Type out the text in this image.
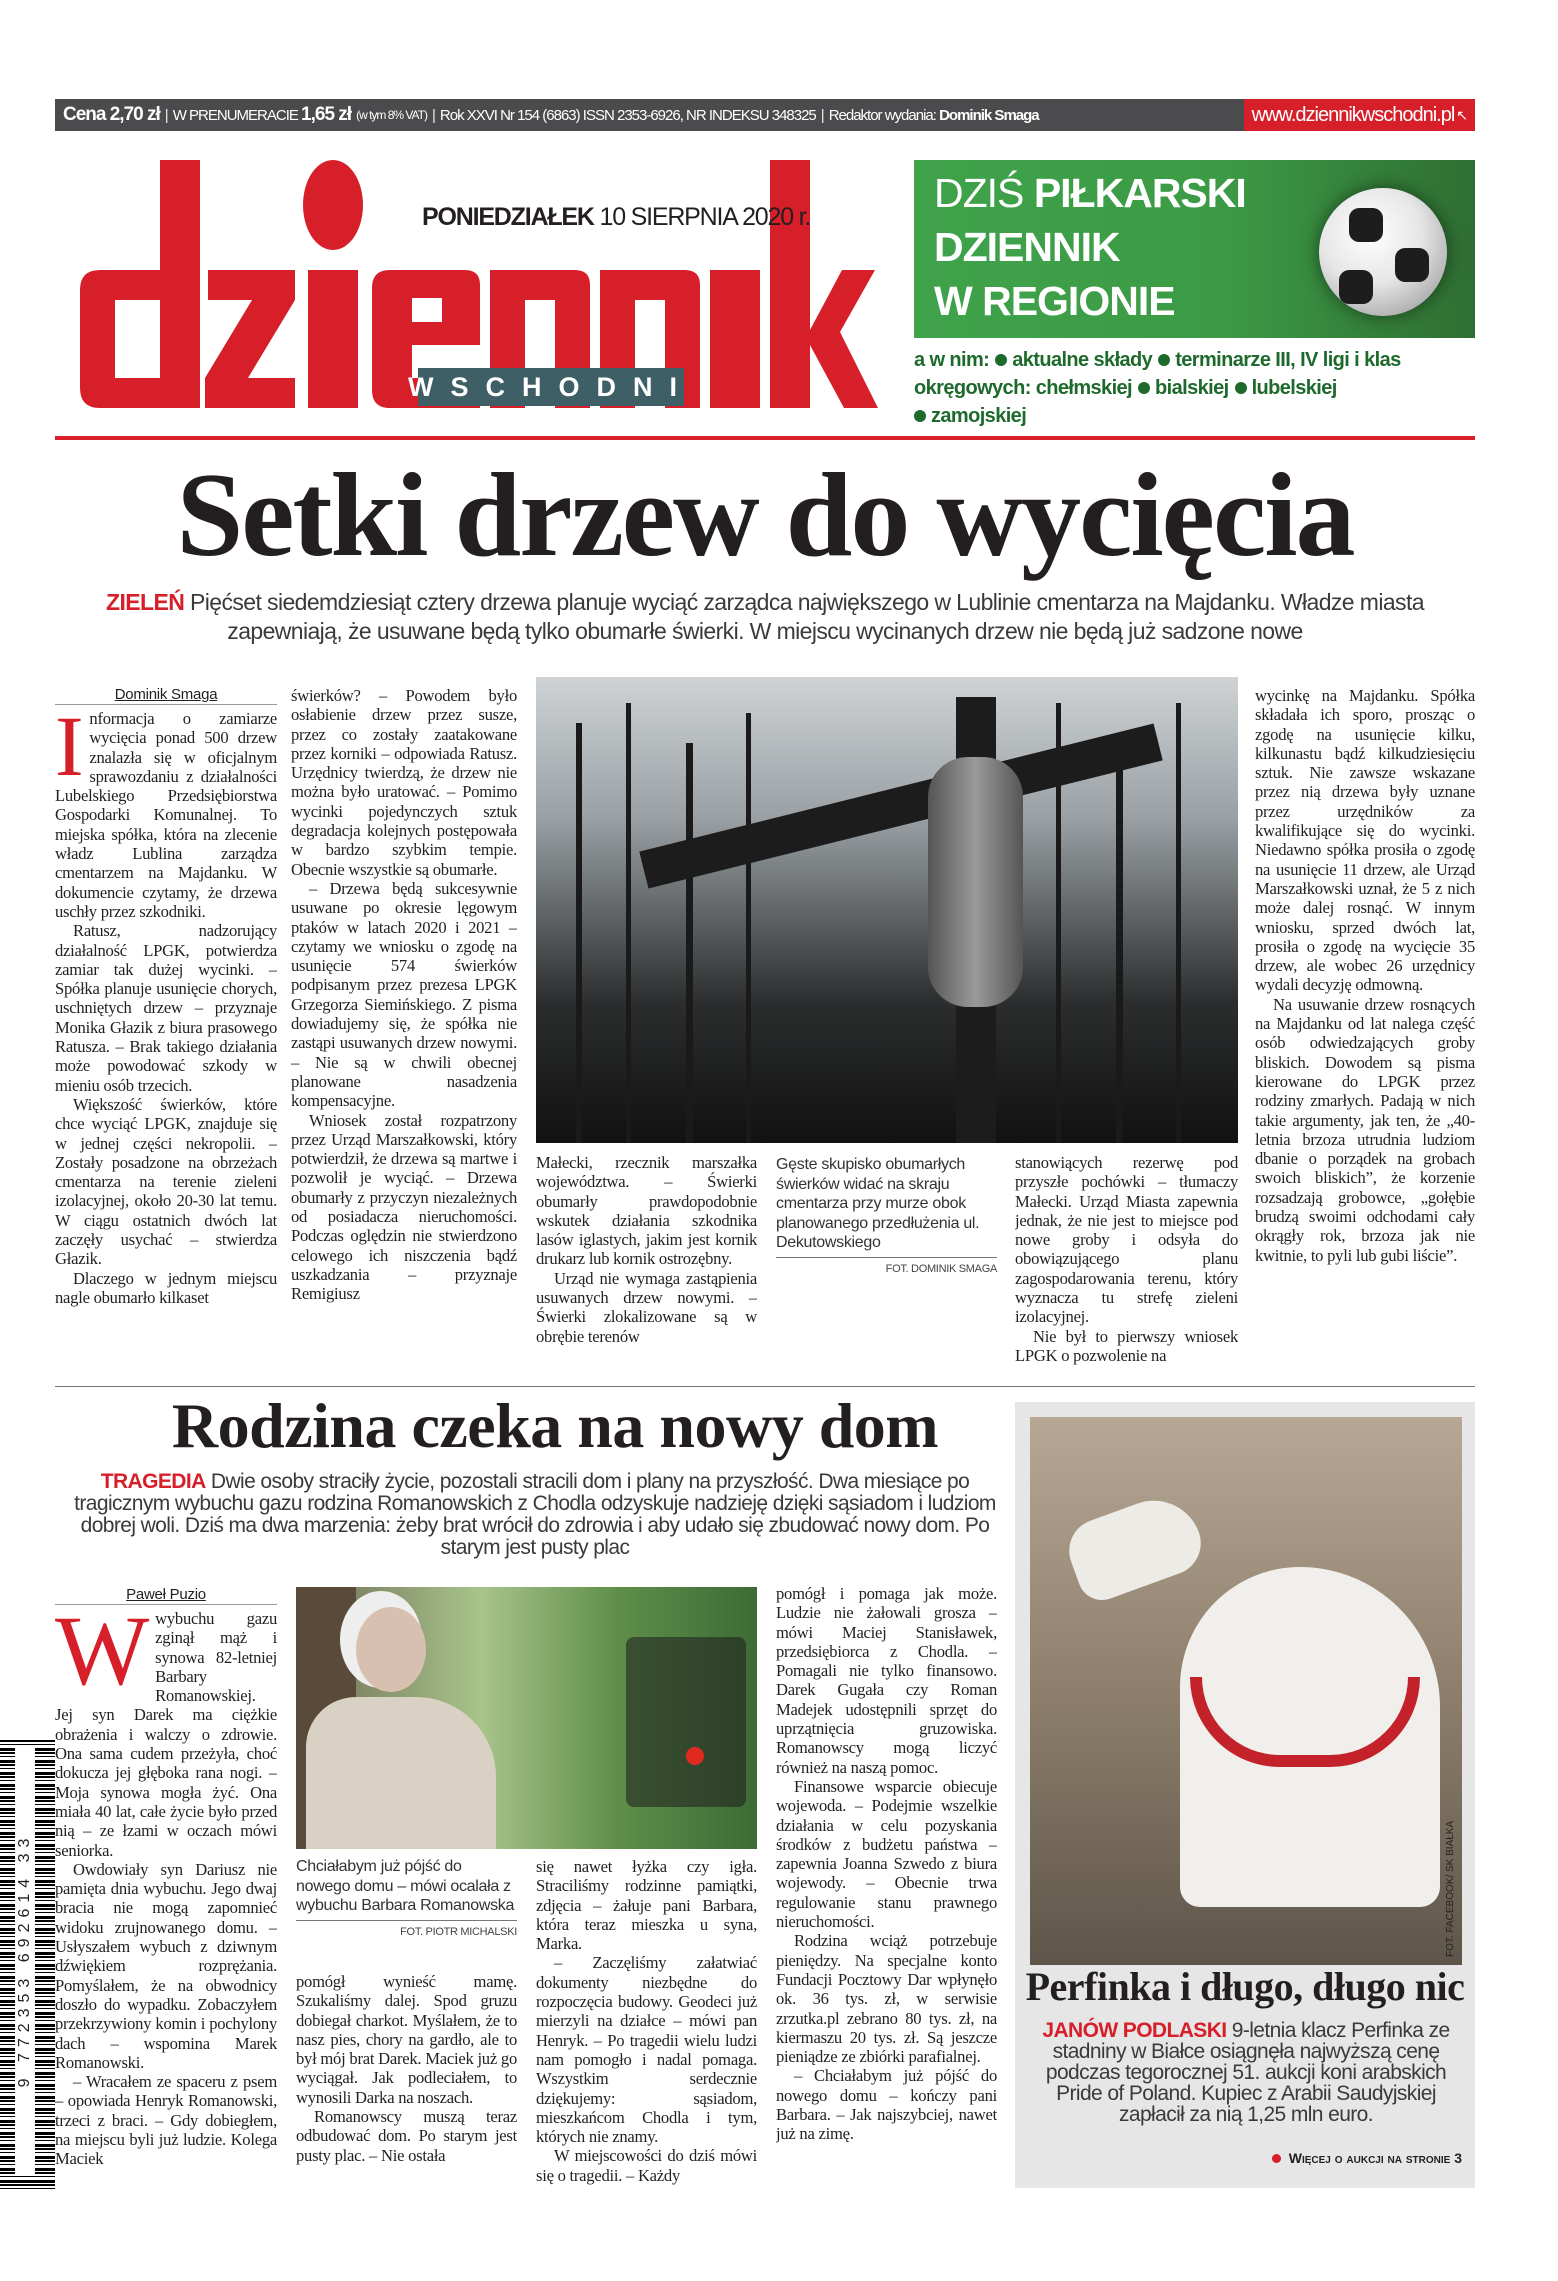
Cena 2,70 zł | W PRENUMERACIE
1,65 zł (w tym 8% VAT) | Rok XXVI Nr 154 (6863) ISSN 2353-6926, NR INDEKSU 348325 | Redaktor wydania:
Dominik Smaga	www.dziennikwschodni.pl ↖
WSCHODNI
PONIEDZIAŁEK 10 SIERPNIA 2020 r.
DZIŚ PIŁKARSKI
DZIENNIK
W REGIONIE
a w nim: aktualne składy terminarze III, IV ligi i klas okręgowych: chełmskiej bialskiej lubelskiej
zamojskiej
Setki drzew do wycięcia
ZIELEŃ Pięćset siedemdziesiąt cztery drzewa planuje wyciąć zarządca największego w Lublinie cmentarza na Majdanku. Władze miasta zapewniają, że usuwane będą tylko obumarłe świerki. W miejscu wycinanych drzew nie będą już sadzone nowe
Dominik Smaga
I nformacja o zamiarze wycięcia ponad 500 drzew znalazła się w oficjalnym sprawozdaniu z działalności Lubelskiego Przedsiębiorstwa Gospodarki Komunalnej. To miejska spółka, która na zlecenie władz Lublina zarządza cmentarzem na Majdanku. W dokumencie czytamy, że drzewa uschły przez szkodniki.

Ratusz, nadzorujący działalność LPGK, potwierdza zamiar tak dużej wycinki. – Spółka planuje usunięcie chorych, uschniętych drzew – przyznaje Monika Głazik z biura prasowego Ratusza. – Brak takiego działania może powodować szkody w mieniu osób trzecich.

Większość świerków, które chce wyciąć LPGK, znajduje się w jednej części nekropolii. – Zostały posadzone na obrzeżach cmentarza na terenie zieleni izolacyjnej, około 20-30 lat temu. W ciągu ostatnich dwóch lat zaczęły usychać – stwierdza Głazik.

Dlaczego w jednym miejscu nagle obumarło kilkaset

świerków? – Powodem było osłabienie drzew przez susze, przez co zostały zaatakowane przez korniki – odpowiada Ratusz. Urzędnicy twierdzą, że drzew nie można było uratować. – Pomimo wycinki pojedynczych sztuk degradacja kolejnych postępowała w bardzo szybkim tempie. Obecnie wszystkie są obumarłe.

– Drzewa będą sukcesywnie usuwane po okresie lęgowym ptaków w latach 2020 i 2021 – czytamy we wniosku o zgodę na usunięcie 574 świerków podpisanym przez prezesa LPGK Grzegorza Siemińskiego. Z pisma dowiadujemy się, że spółka nie zastąpi usuwanych drzew nowymi. – Nie są w chwili obecnej planowane nasadzenia kompensacyjne.

Wniosek został rozpatrzony przez Urząd Marszałkowski, który potwierdził, że drzewa są martwe i pozwolił je wyciąć. – Drzewa obumarły z przyczyn niezależnych od posiadacza nieruchomości. Podczas oględzin nie stwierdzono celowego ich niszczenia bądź uszkadzania – przyznaje Remigiusz

Małecki, rzecznik marszałka województwa. – Świerki obumarły prawdopodobnie wskutek działania szkodnika lasów iglastych, jakim jest kornik drukarz lub kornik ostrozębny.

Urząd nie wymaga zastąpienia usuwanych drzew nowymi. – Świerki zlokalizowane są w obrębie terenów

Gęste skupisko obumarłych świerków widać na skraju cmentarza przy murze obok planowanego przedłużenia ul. Dekutowskiego
FOT. DOMINIK SMAGA

stanowiących rezerwę pod przyszłe pochówki – tłumaczy Małecki. Urząd Miasta zapewnia jednak, że nie jest to miejsce pod nowe groby i odsyła do obowiązującego planu zagospodarowania terenu, który wyznacza tu strefę zieleni izolacyjnej.

Nie był to pierwszy wniosek LPGK o pozwolenie na

wycinkę na Majdanku. Spółka składała ich sporo, prosząc o zgodę na usunięcie kilku, kilkunastu bądź kilkudziesięciu sztuk. Nie zawsze wskazane przez nią drzewa były uznane przez urzędników za kwalifikujące się do wycinki. Niedawno spółka prosiła o zgodę na usunięcie 11 drzew, ale Urząd Marszałkowski uznał, że 5 z nich może dalej rosnąć. W innym wniosku, sprzed dwóch lat, prosiła o zgodę na wycięcie 35 drzew, ale wobec 26 urzędnicy wydali decyzję odmowną.

Na usuwanie drzew rosnących na Majdanku od lat nalega część osób odwiedzających groby bliskich. Dowodem są pisma kierowane do LPGK przez rodziny zmarłych. Padają w nich takie argumenty, jak ten, że „40-letnia brzoza utrudnia ludziom dbanie o porządek na grobach swoich bliskich”, że korzenie rozsadzają grobowce, „gołębie brudzą swoimi odchodami cały okrągły rok, brzoza jak nie kwitnie, to pyli lub gubi liście”.

Rodzina czeka na nowy dom
TRAGEDIA Dwie osoby straciły życie, pozostali stracili dom i plany na przyszłość. Dwa miesiące po tragicznym wybuchu gazu rodzina Romanowskich z Chodla odzyskuje nadzieję dzięki sąsiadom i ludziom dobrej woli. Dziś ma dwa marzenia: żeby brat wrócił do zdrowia i aby udało się zbudować nowy dom. Po starym jest pusty plac
Paweł Puzio
W wybuchu gazu zginął mąż i synowa 82-letniej Barbary Romanowskiej. Jej syn Darek ma ciężkie obrażenia i walczy o zdrowie. Ona sama cudem przeżyła, choć dokucza jej głęboka rana nogi. – Moja synowa mogła żyć. Ona miała 40 lat, całe życie było przed nią – ze łzami w oczach mówi seniorka.

Owdowiały syn Dariusz nie pamięta dnia wybuchu. Jego dwaj bracia nie mogą zapomnieć widoku zrujnowanego domu. – Usłyszałem wybuch z dziwnym dźwiękiem rozprężania. Pomyślałem, że na obwodnicy doszło do wypadku. Zobaczyłem przekrzywiony komin i pochylony dach – wspomina Marek Romanowski.

– Wracałem ze spaceru z psem – opowiada Henryk Romanowski, trzeci z braci. – Gdy dobiegłem, na miejscu byli już ludzie. Kolega Maciek

Chciałabym już pójść do nowego domu – mówi ocalała z wybuchu Barbara Romanowska
FOT. PIOTR MICHALSKI

pomógł wynieść mamę. Szukaliśmy dalej. Spod gruzu dobiegał charkot. Myślałem, że to nasz pies, chory na gardło, ale to był mój brat Darek. Maciek już go wyciągał. Jak podleciałem, to wynosili Darka na noszach.

Romanowscy muszą teraz odbudować dom. Po starym jest pusty plac. – Nie ostała

się nawet łyżka czy igła. Straciliśmy rodzinne pamiątki, zdjęcia – żałuje pani Barbara, która teraz mieszka u syna, Marka.

– Zaczęliśmy załatwiać dokumenty niezbędne do rozpoczęcia budowy. Geodeci już mierzyli na działce – mówi pan Henryk. – Po tragedii wielu ludzi nam pomogło i nadal pomaga. Wszystkim serdecznie dziękujemy: sąsiadom, mieszkańcom Chodla i tym, których nie znamy.

W miejscowości do dziś mówi się o tragedii. – Każdy

pomógł i pomaga jak może. Ludzie nie żałowali grosza – mówi Maciej Stanisławek, przedsiębiorca z Chodla. – Pomagali nie tylko finansowo. Darek Gugała czy Roman Madejek udostępnili sprzęt do uprzątnięcia gruzowiska. Romanowscy mogą liczyć również na naszą pomoc.

Finansowe wsparcie obiecuje wojewoda. – Podejmie wszelkie działania w celu pozyskania środków z budżetu państwa – zapewnia Joanna Szwedo z biura wojewody. – Obecnie trwa regulowanie stanu prawnego nieruchomości.

Rodzina wciąż potrzebuje pieniędzy. Na specjalne konto Fundacji Pocztowy Dar wpłynęło ok. 36 tys. zł, w serwisie zrzutka.pl zebrano 80 tys. zł, na kiermaszu 20 tys. zł. Są jeszcze pieniądze ze zbiórki parafialnej.

– Chciałabym już pójść do nowego domu – kończy pani Barbara. – Jak najszybciej, nawet już na zimę.

FOT. FACEBOOK/ SK BIAŁKA
Perfinka i długo, długo nic
JANÓW PODLASKI 9-letnia klacz Perfinka ze stadniny w Białce osiągnęła najwyższą cenę podczas tegorocznej 51. aukcji koni arabskich Pride of Poland. Kupiec z Arabii Saudyjskiej zapłacił za nią 1,25 mln euro.
Więcej o aukcji na stronie 3
9 772353 692614 33
